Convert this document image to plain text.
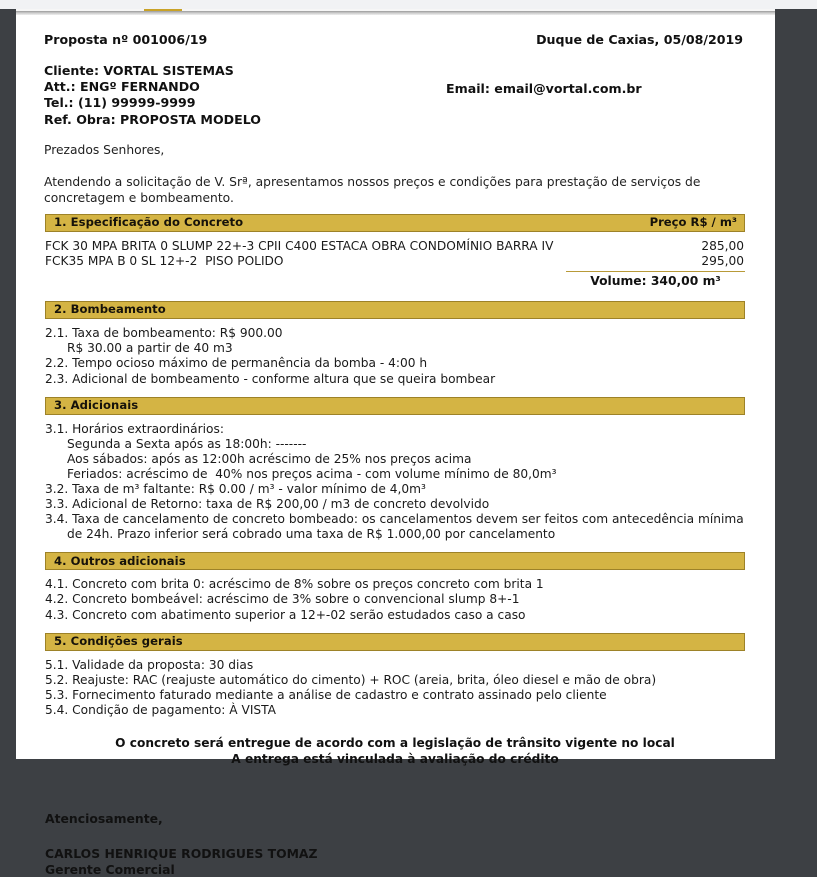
Proposta nº 001006/19	Duque de Caxias, 05/08/2019
Cliente: VORTAL SISTEMAS
Att.: ENGº FERNANDO
Tel.: (11) 99999-9999
Ref. Obra: PROPOSTA MODELO
Email: email@vortal.com.br
Prezados Senhores,
Atendendo a solicitação de V. Srª, apresentamos nossos preços e condições para prestação de serviços de concretagem e bombeamento.
1. Especificação do Concreto	Preço R$ / m³
FCK 30 MPA BRITA 0 SLUMP 22+-3 CPII C400 ESTACA OBRA CONDOMÍNIO BARRA IV	285,00
FCK35 MPA B 0 SL 12+-2  PISO POLIDO	295,00
Volume: 340,00 m³
2. Bombeamento
2.1. Taxa de bombeamento: R$ 900.00
R$ 30.00 a partir de 40 m3
2.2. Tempo ocioso máximo de permanência da bomba - 4:00 h
2.3. Adicional de bombeamento - conforme altura que se queira bombear
3. Adicionais
3.1. Horários extraordinários:
Segunda a Sexta após as 18:00h: -------
Aos sábados: após as 12:00h acréscimo de 25% nos preços acima
Feriados: acréscimo de  40% nos preços acima - com volume mínimo de 80,0m³
3.2. Taxa de m³ faltante: R$ 0.00 / m³ - valor mínimo de 4,0m³
3.3. Adicional de Retorno: taxa de R$ 200,00 / m3 de concreto devolvido
3.4. Taxa de cancelamento de concreto bombeado: os cancelamentos devem ser feitos com antecedência mínima
de 24h. Prazo inferior será cobrado uma taxa de R$ 1.000,00 por cancelamento
4. Outros adicionais
4.1. Concreto com brita 0: acréscimo de 8% sobre os preços concreto com brita 1
4.2. Concreto bombeável: acréscimo de 3% sobre o convencional slump 8+-1
4.3. Concreto com abatimento superior a 12+-02 serão estudados caso a caso
5. Condições gerais
5.1. Validade da proposta: 30 dias
5.2. Reajuste: RAC (reajuste automático do cimento) + ROC (areia, brita, óleo diesel e mão de obra)
5.3. Fornecimento faturado mediante a análise de cadastro e contrato assinado pelo cliente
5.4. Condição de pagamento: À VISTA
O concreto será entregue de acordo com a legislação de trânsito vigente no local
A entrega está vinculada à avaliação do crédito
Atenciosamente,
CARLOS HENRIQUE RODRIGUES TOMAZ
Gerente Comercial
